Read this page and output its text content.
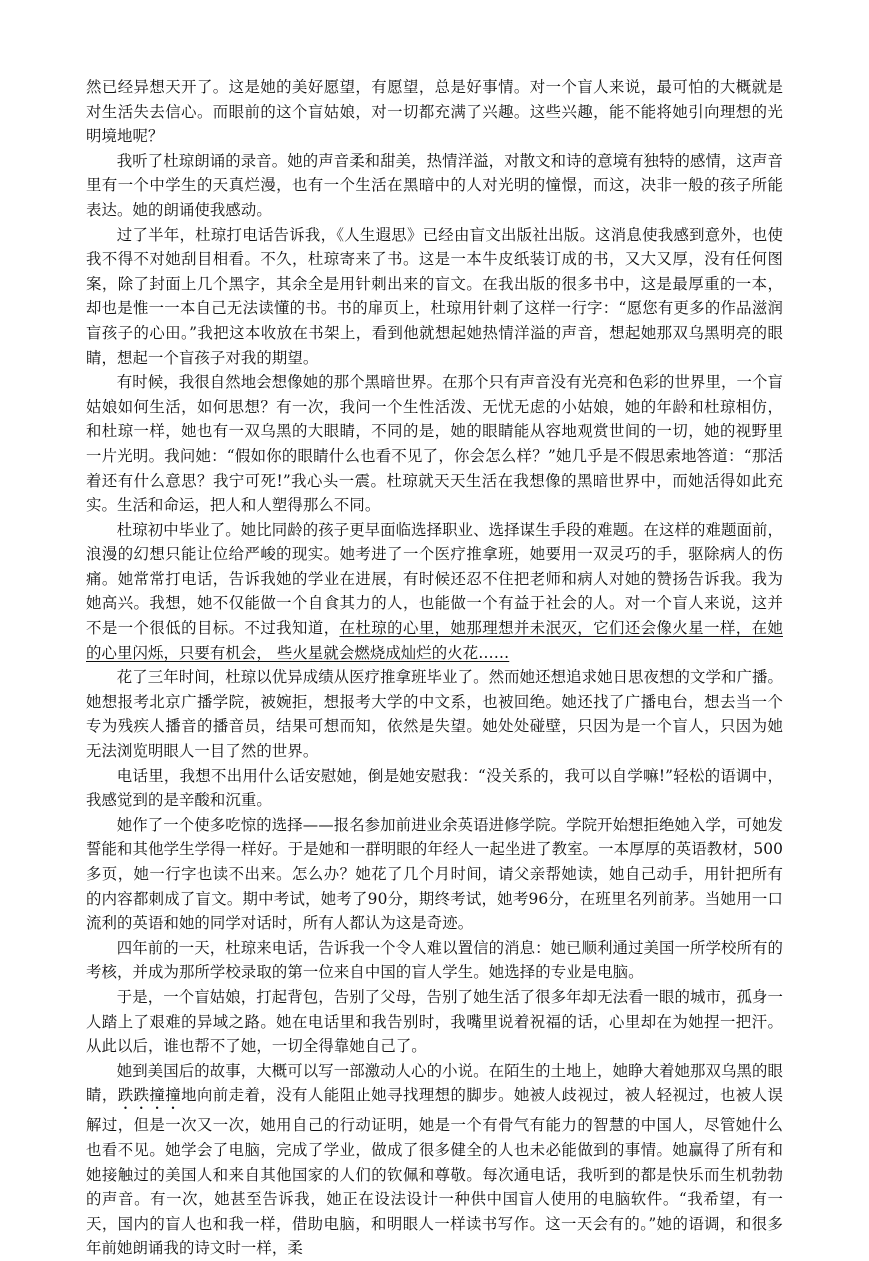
然已经异想天开了。这是她的美好愿望，有愿望，总是好事情。对一个盲人来说，最可怕的大概就是对生活失去信心。而眼前的这个盲姑娘，对一切都充满了兴趣。这些兴趣，能不能将她引向理想的光明境地呢？

我听了杜琼朗诵的录音。她的声音柔和甜美，热情洋溢，对散文和诗的意境有独特的感情，这声音里有一个中学生的天真烂漫，也有一个生活在黑暗中的人对光明的憧憬，而这，决非一般的孩子所能表达。她的朗诵使我感动。

过了半年，杜琼打电话告诉我，《人生遐思》已经由盲文出版社出版。这消息使我感到意外，也使我不得不对她刮目相看。不久，杜琼寄来了书。这是一本牛皮纸装订成的书，又大又厚，没有任何图案，除了封面上几个黑字，其余全是用针刺出来的盲文。在我出版的很多书中，这是最厚重的一本，却也是惟一一本自己无法读懂的书。书的扉页上，杜琼用针刺了这样一行字：“愿您有更多的作品滋润盲孩子的心田。”我把这本收放在书架上，看到他就想起她热情洋溢的声音，想起她那双乌黑明亮的眼睛，想起一个盲孩子对我的期望。

有时候，我很自然地会想像她的那个黑暗世界。在那个只有声音没有光亮和色彩的世界里，一个盲姑娘如何生活，如何思想？有一次，我问一个生性活泼、无忧无虑的小姑娘，她的年龄和杜琼相仿，和杜琼一样，她也有一双乌黑的大眼睛，不同的是，她的眼睛能从容地观赏世间的一切，她的视野里一片光明。我问她：“假如你的眼睛什么也看不见了，你会怎么样？”她几乎是不假思索地答道：“那活着还有什么意思？我宁可死!”我心头一震。杜琼就天天生活在我想像的黑暗世界中，而她活得如此充实。生活和命运，把人和人塑得那么不同。

杜琼初中毕业了。她比同龄的孩子更早面临选择职业、选择谋生手段的难题。在这样的难题面前，浪漫的幻想只能让位给严峻的现实。她考进了一个医疗推拿班，她要用一双灵巧的手，驱除病人的伤痛。她常常打电话，告诉我她的学业在进展，有时候还忍不住把老师和病人对她的赞扬告诉我。我为她高兴。我想，她不仅能做一个自食其力的人，也能做一个有益于社会的人。对一个盲人来说，这并不是一个很低的目标。不过我知道，在杜琼的心里，她那理想并未泯灭，它们还会像火星一样，在她的心里闪烁，只要有机会， 些火星就会燃烧成灿烂的火花……

花了三年时间，杜琼以优异成绩从医疗推拿班毕业了。然而她还想追求她日思夜想的文学和广播。她想报考北京广播学院，被婉拒，想报考大学的中文系，也被回绝。她还找了广播电台，想去当一个专为残疾人播音的播音员，结果可想而知，依然是失望。她处处碰壁，只因为是一个盲人，只因为她无法浏览明眼人一目了然的世界。

电话里，我想不出用什么话安慰她，倒是她安慰我：“没关系的，我可以自学嘛!”轻松的语调中，我感觉到的是辛酸和沉重。

她作了一个使多吃惊的选择——报名参加前进业余英语进修学院。学院开始想拒绝她入学，可她发誓能和其他学生学得一样好。于是她和一群明眼的年经人一起坐进了教室。一本厚厚的英语教材，500多页，她一行字也读不出来。怎么办？她花了几个月时间，请父亲帮她读，她自己动手，用针把所有的内容都刺成了盲文。期中考试，她考了90分，期终考试，她考96分，在班里名列前茅。当她用一口流利的英语和她的同学对话时，所有人都认为这是奇迹。

四年前的一天，杜琼来电话，告诉我一个令人难以置信的消息：她已顺利通过美国一所学校所有的考核，并成为那所学校录取的第一位来自中国的盲人学生。她选择的专业是电脑。

于是，一个盲姑娘，打起背包，告别了父母，告别了她生活了很多年却无法看一眼的城市，孤身一人踏上了艰难的异域之路。她在电话里和我告别时，我嘴里说着祝福的话，心里却在为她捏一把汗。从此以后，谁也帮不了她，一切全得靠她自己了。

她到美国后的故事，大概可以写一部激动人心的小说。在陌生的土地上，她睁大着她那双乌黑的眼睛，跌跌撞撞地向前走着，没有人能阻止她寻找理想的脚步。她被人歧视过，被人轻视过，也被人误解过，但是一次又一次，她用自己的行动证明，她是一个有骨气有能力的智慧的中国人，尽管她什么也看不见。她学会了电脑，完成了学业，做成了很多健全的人也未必能做到的事情。她赢得了所有和她接触过的美国人和来自其他国家的人们的钦佩和尊敬。每次通电话，我听到的都是快乐而生机勃勃的声音。有一次，她甚至告诉我，她正在设法设计一种供中国盲人使用的电脑软件。“我希望，有一天，国内的盲人也和我一样，借助电脑，和明眼人一样读书写作。这一天会有的。”她的语调，和很多年前她朗诵我的诗文时一样，柔
